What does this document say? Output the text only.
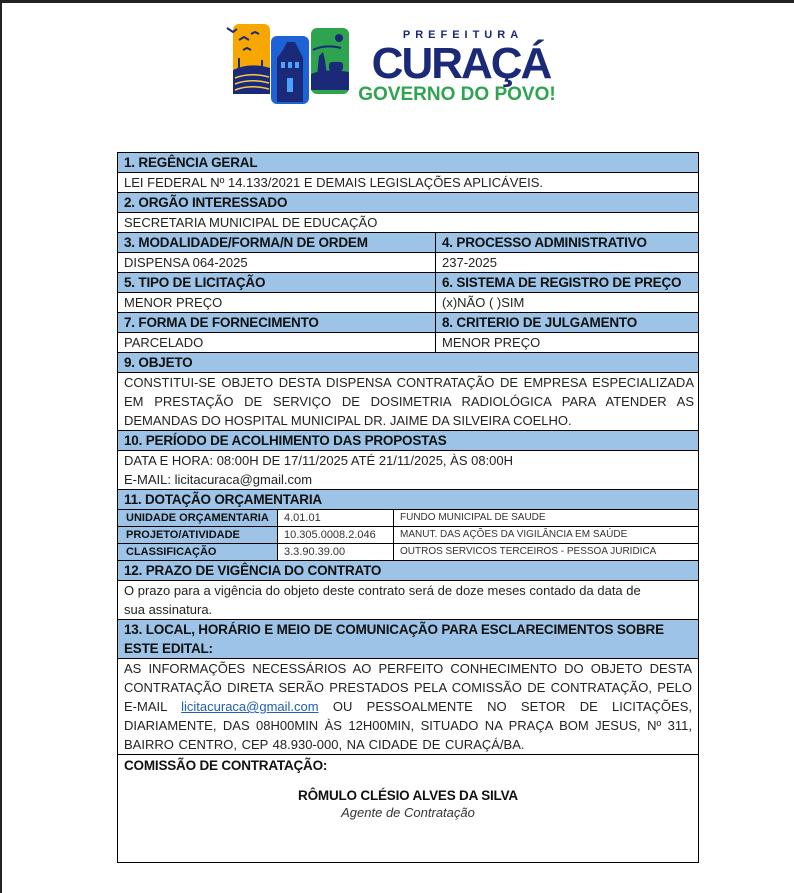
PREFEITURA
CURAÇÁ
GOVERNO DO POVO!
1. REGÊNCIA GERAL
LEI FEDERAL Nº 14.133/2021 E DEMAIS LEGISLAÇÕES APLICÁVEIS.
2. ORGÃO INTERESSADO
SECRETARIA MUNICIPAL DE EDUCAÇÃO
3. MODALIDADE/FORMA/N DE ORDEM	4. PROCESSO ADMINISTRATIVO
DISPENSA 064-2025	237-2025
5. TIPO DE LICITAÇÃO	6. SISTEMA DE REGISTRO DE PREÇO
MENOR PREÇO	(x)NÃO ( )SIM
7. FORMA DE FORNECIMENTO	8. CRITERIO DE JULGAMENTO
PARCELADO	MENOR PREÇO
9. OBJETO
CONSTITUI-SE OBJETO DESTA DISPENSA CONTRATAÇÃO DE EMPRESA ESPECIALIZADA EM PRESTAÇÃO DE SERVIÇO DE DOSIMETRIA RADIOLÓGICA PARA ATENDER AS DEMANDAS DO HOSPITAL MUNICIPAL DR. JAIME DA SILVEIRA COELHO.
10. PERÍODO DE ACOLHIMENTO DAS PROPOSTAS
DATA E HORA: 08:00H DE 17/11/2025 ATÉ 21/11/2025, ÀS 08:00H
E-MAIL: licitacuraca@gmail.com
11. DOTAÇÃO ORÇAMENTARIA
UNIDADE ORÇAMENTARIA	4.01.01	FUNDO MUNICIPAL DE SAUDE
PROJETO/ATIVIDADE	10.305.0008.2.046	MANUT. DAS AÇÕES DA VIGILÂNCIA EM SAÚDE
CLASSIFICAÇÃO	3.3.90.39.00	OUTROS SERVICOS TERCEIROS - PESSOA JURIDICA
12. PRAZO DE VIGÊNCIA DO CONTRATO
O prazo para a vigência do objeto deste contrato será de doze meses contado da data de sua assinatura.
13. LOCAL, HORÁRIO E MEIO DE COMUNICAÇÃO PARA ESCLARECIMENTOS SOBRE ESTE EDITAL:
AS INFORMAÇÕES NECESSÁRIOS AO PERFEITO CONHECIMENTO DO OBJETO DESTA CONTRATAÇÃO DIRETA SERÃO PRESTADOS PELA COMISSÃO DE CONTRATAÇÃO, PELO E-MAIL licitacuraca@gmail.com OU PESSOALMENTE NO SETOR DE LICITAÇÕES, DIARIAMENTE, DAS 08H00MIN ÀS 12H00MIN, SITUADO NA PRAÇA BOM JESUS, Nº 311, BAIRRO CENTRO, CEP 48.930-000, NA CIDADE DE CURAÇÁ/BA.
COMISSÃO DE CONTRATAÇÃO:
RÔMULO CLÉSIO ALVES DA SILVA
Agente de Contratação
